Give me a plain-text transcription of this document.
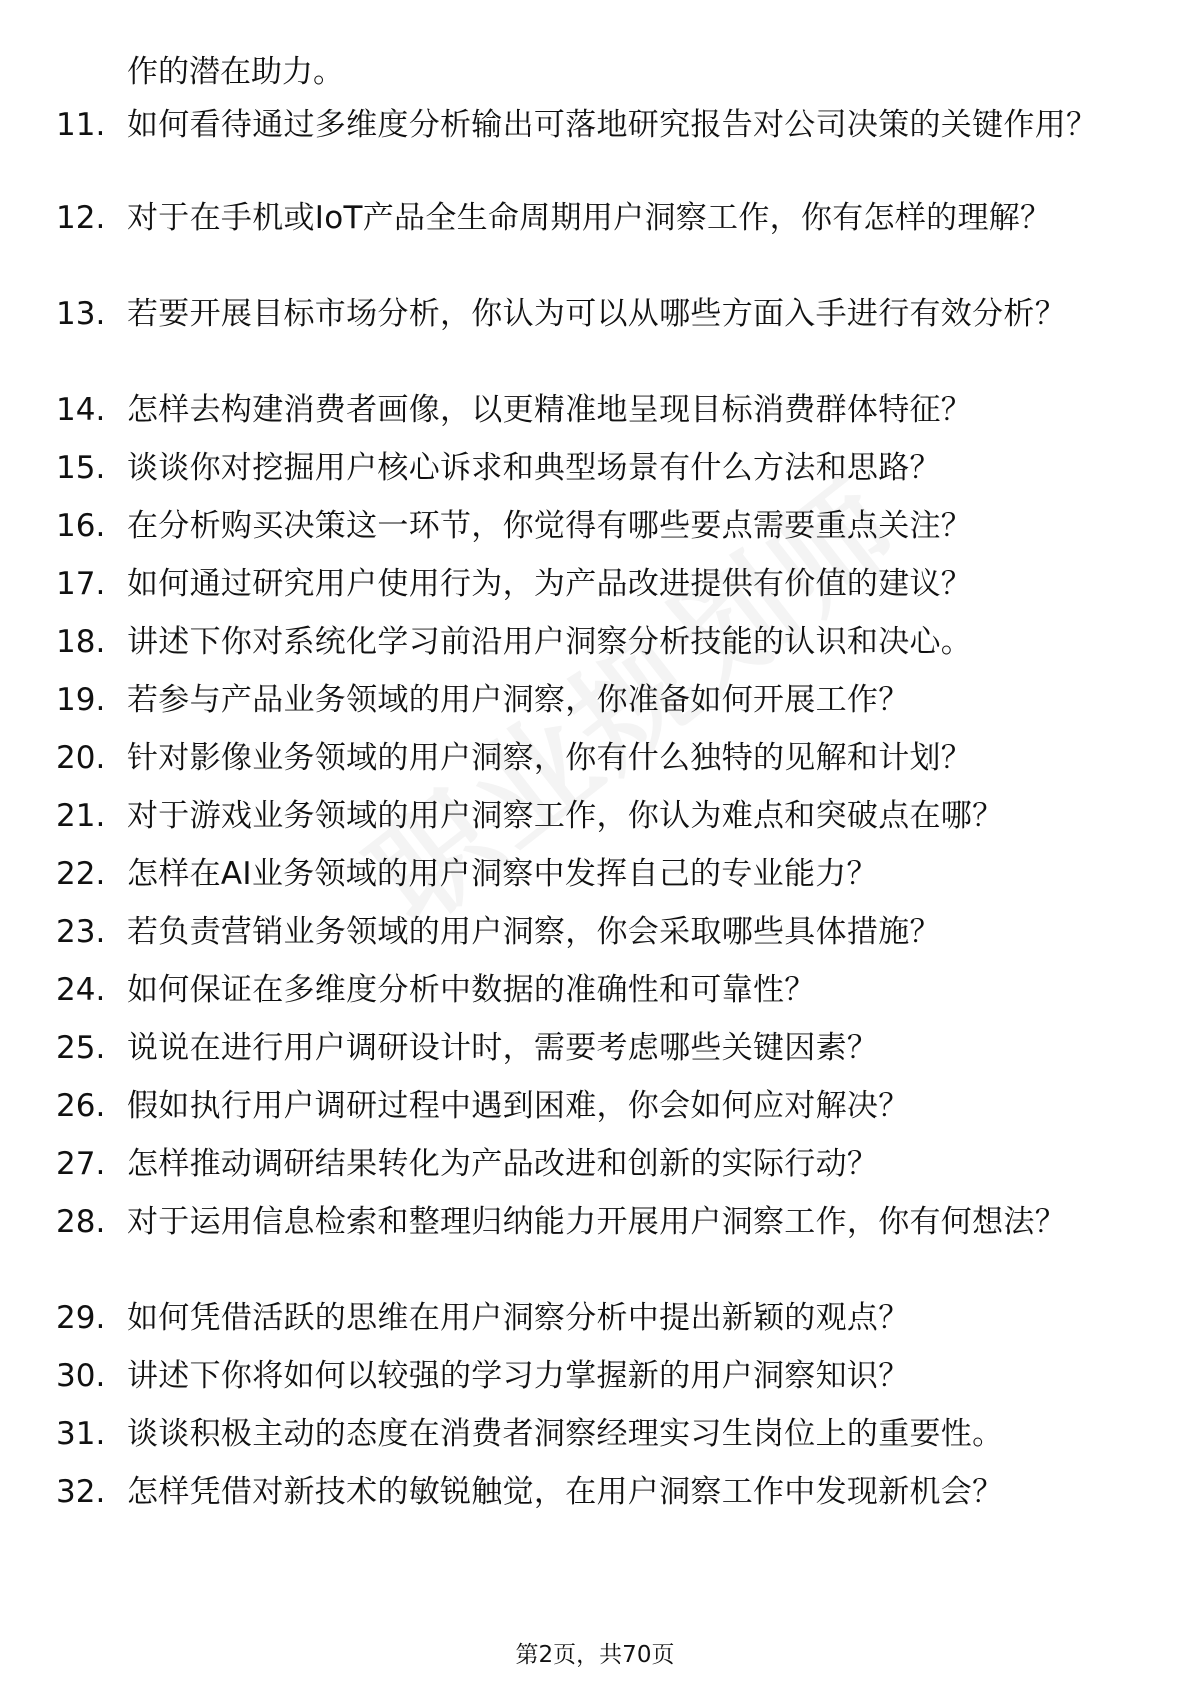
作的潜在助力。
11. 如何看待通过多维度分析输出可落地研究报告对公司决策的关键作用？
12. 对于在手机或IoT产品全生命周期用户洞察工作，你有怎样的理解？
13. 若要开展目标市场分析，你认为可以从哪些方面入手进行有效分析？
14. 怎样去构建消费者画像，以更精准地呈现目标消费群体特征？
15. 谈谈你对挖掘用户核心诉求和典型场景有什么方法和思路？
16. 在分析购买决策这一环节，你觉得有哪些要点需要重点关注？
17. 如何通过研究用户使用行为，为产品改进提供有价值的建议？
18. 讲述下你对系统化学习前沿用户洞察分析技能的认识和决心。
19. 若参与产品业务领域的用户洞察，你准备如何开展工作？
20. 针对影像业务领域的用户洞察，你有什么独特的见解和计划？
21. 对于游戏业务领域的用户洞察工作，你认为难点和突破点在哪？
22. 怎样在AI业务领域的用户洞察中发挥自己的专业能力？
23. 若负责营销业务领域的用户洞察，你会采取哪些具体措施？
24. 如何保证在多维度分析中数据的准确性和可靠性？
25. 说说在进行用户调研设计时，需要考虑哪些关键因素？
26. 假如执行用户调研过程中遇到困难，你会如何应对解决？
27. 怎样推动调研结果转化为产品改进和创新的实际行动？
28. 对于运用信息检索和整理归纳能力开展用户洞察工作，你有何想法？
29. 如何凭借活跃的思维在用户洞察分析中提出新颖的观点？
30. 讲述下你将如何以较强的学习力掌握新的用户洞察知识？
31. 谈谈积极主动的态度在消费者洞察经理实习生岗位上的重要性。
32. 怎样凭借对新技术的敏锐触觉，在用户洞察工作中发现新机会？
第2页，共70页
